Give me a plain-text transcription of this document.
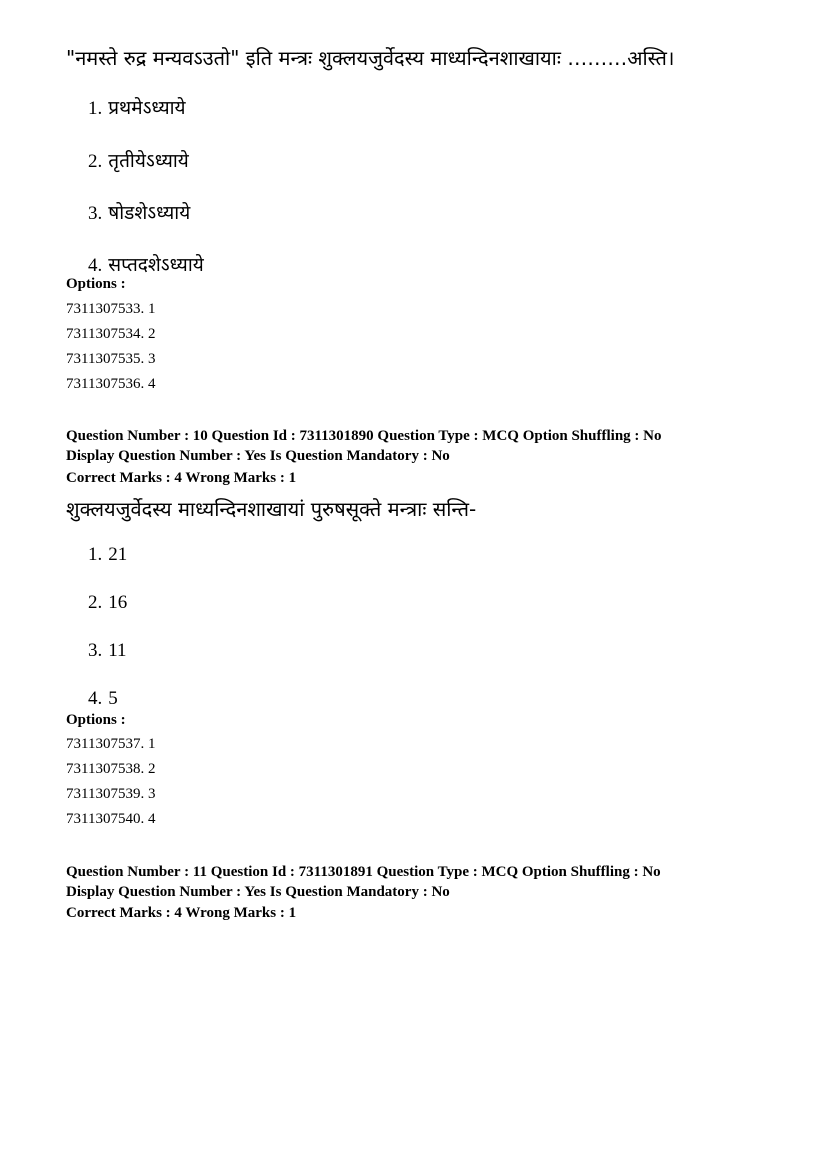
"नमस्ते रुद्र मन्यवऽउतो" इति मन्त्रः शुक्लयजुर्वेदस्य माध्यन्दिनशाखायाः ………अस्ति।
1. प्रथमेऽध्याये
2. तृतीयेऽध्याये
3. षोडशेऽध्याये
4. सप्तदशेऽध्याये
Options :
7311307533. 1
7311307534. 2
7311307535. 3
7311307536. 4
Question Number : 10 Question Id : 7311301890 Question Type : MCQ Option Shuffling : No
Display Question Number : Yes Is Question Mandatory : No
Correct Marks : 4 Wrong Marks : 1
शुक्लयजुर्वेदस्य माध्यन्दिनशाखायां पुरुषसूक्ते मन्त्राः सन्ति-
1. 21
2. 16
3. 11
4. 5
Options :
7311307537. 1
7311307538. 2
7311307539. 3
7311307540. 4
Question Number : 11 Question Id : 7311301891 Question Type : MCQ Option Shuffling : No
Display Question Number : Yes Is Question Mandatory : No
Correct Marks : 4 Wrong Marks : 1
